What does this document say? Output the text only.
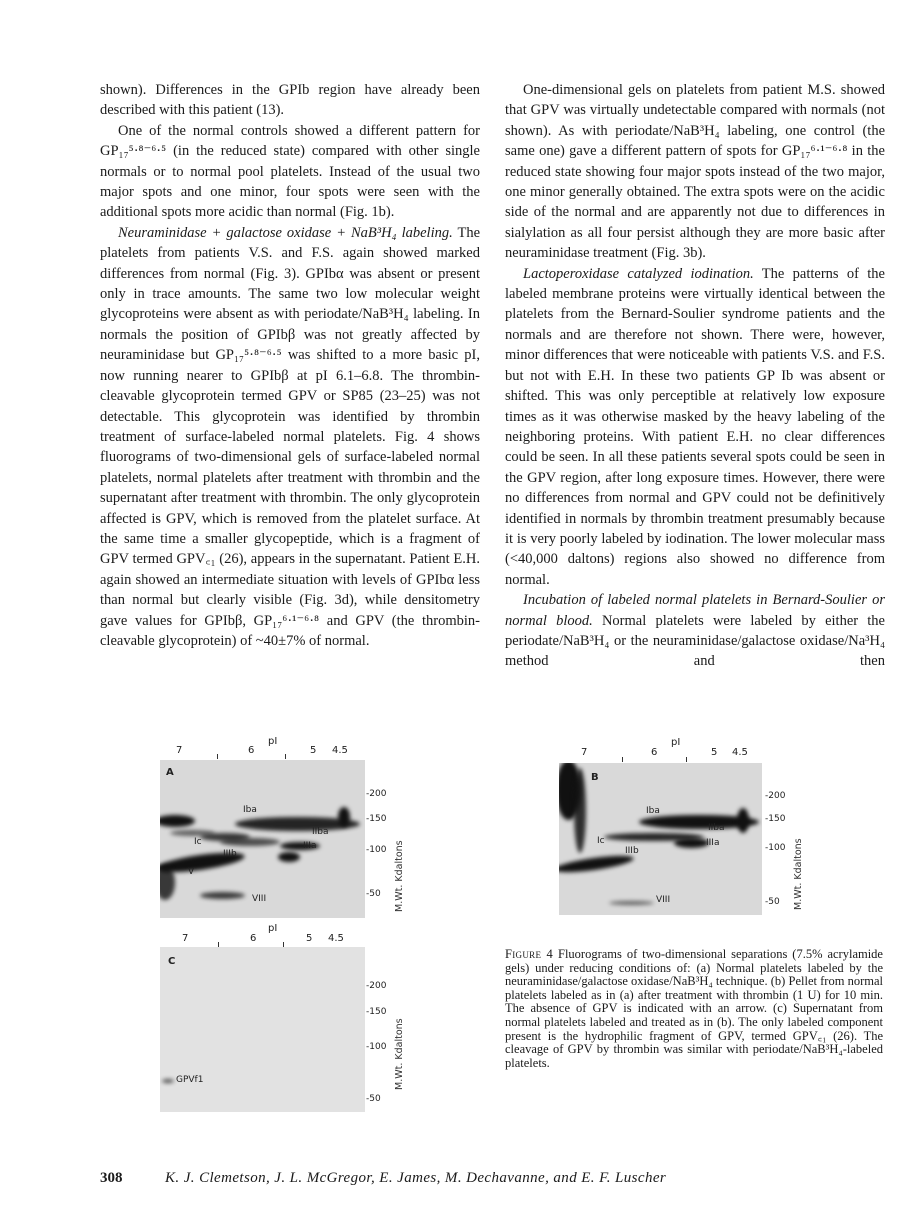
shown). Differences in the GPIb region have already been described with this patient (13).

One of the normal controls showed a different pattern for GP₁₇⁵·⁸⁻⁶·⁵ (in the reduced state) compared with other single normals or to normal pool platelets. Instead of the usual two major spots and one minor, four spots were seen with the additional spots more acidic than normal (Fig. 1b).

Neuraminidase + galactose oxidase + NaB³H₄ labeling. The platelets from patients V.S. and F.S. again showed marked differences from normal (Fig. 3). GPIbα was absent or present only in trace amounts. The same two low molecular weight glycoproteins were absent as with periodate/NaB³H₄ labeling. In normals the position of GPIbβ was not greatly affected by neuraminidase but GP₁₇⁵·⁸⁻⁶·⁵ was shifted to a more basic pI, now running nearer to GPIbβ at pI 6.1–6.8. The thrombin-cleavable glycoprotein termed GPV or SP85 (23–25) was not detectable. This glycoprotein was identified by thrombin treatment of surface-labeled normal platelets. Fig. 4 shows fluorograms of two-dimensional gels of surface-labeled normal platelets, normal platelets after treatment with thrombin and the supernatant after treatment with thrombin. The only glycoprotein affected is GPV, which is removed from the platelet surface. At the same time a smaller glycopeptide, which is a fragment of GPV termed GPV꜀₁ (26), appears in the supernatant. Patient E.H. again showed an intermediate situation with levels of GPIbα less than normal but clearly visible (Fig. 3d), while densitometry gave values for GPIbβ, GP₁₇⁶·¹⁻⁶·⁸ and GPV (the thrombin-cleavable glycoprotein) of ~40±7% of normal.

One-dimensional gels on platelets from patient M.S. showed that GPV was virtually undetectable compared with normals (not shown). As with periodate/NaB³H₄ labeling, one control (the same one) gave a different pattern of spots for GP₁₇⁶·¹⁻⁶·⁸ in the reduced state showing four major spots instead of the two major, one minor generally obtained. The extra spots were on the acidic side of the normal and are apparently not due to differences in sialylation as all four persist although they are more basic after neuraminidase treatment (Fig. 3b).

Lactoperoxidase catalyzed iodination. The patterns of the labeled membrane proteins were virtually identical between the platelets from the Bernard-Soulier syndrome patients and the normals and are therefore not shown. There were, however, minor differences that were noticeable with patients V.S. and F.S. but not with E.H. In these two patients GP Ib was absent or shifted. This was only perceptible at relatively low exposure times as it was otherwise masked by the heavy labeling of the neighboring proteins. With patient E.H. no clear differences could be seen. In all these patients several spots could be seen in the GPV region, after long exposure times. However, there were no differences from normal and GPV could not be definitively identified in normals by thrombin treatment presumably because it is very poorly labeled by iodination. The lower molecular mass (<40,000 daltons) regions also showed no difference from normal.

Incubation of labeled normal platelets in Bernard-Soulier or normal blood. Normal platelets were labeled by either the periodate/NaB³H₄ or the neuraminidase/galactose oxidase/Na³H₄ method and then

pI
7	6	5 4.5
A
Iba
IIba
IIIa
Ic
IIIb
V
VIII
-200
-150
-100
-50 M.Wt. Kdaltons
pI
7	6	5 4.5
C
GPVf1
-200
-150
-100
-50
M.Wt. Kdaltons
pI
7	6	5 4.5
B
Iba
IIba
IIIa
Ic
IIIb
VIII
-200
-150
-100
-50 M.Wt. Kdaltons
Figure 4 Fluorograms of two-dimensional separations (7.5% acrylamide gels) under reducing conditions of: (a) Normal platelets labeled by the neuraminidase/galactose oxidase/NaB³H₄ technique. (b) Pellet from normal platelets labeled as in (a) after treatment with thrombin (1 U) for 10 min. The absence of GPV is indicated with an arrow. (c) Supernatant from normal platelets labeled and treated as in (b). The only labeled component present is the hydrophilic fragment of GPV, termed GPV꜀₁ (26). The cleavage of GPV by thrombin was similar with periodate/NaB³H₄-labeled platelets.
308	K. J. Clemetson, J. L. McGregor, E. James, M. Dechavanne, and E. F. Luscher
